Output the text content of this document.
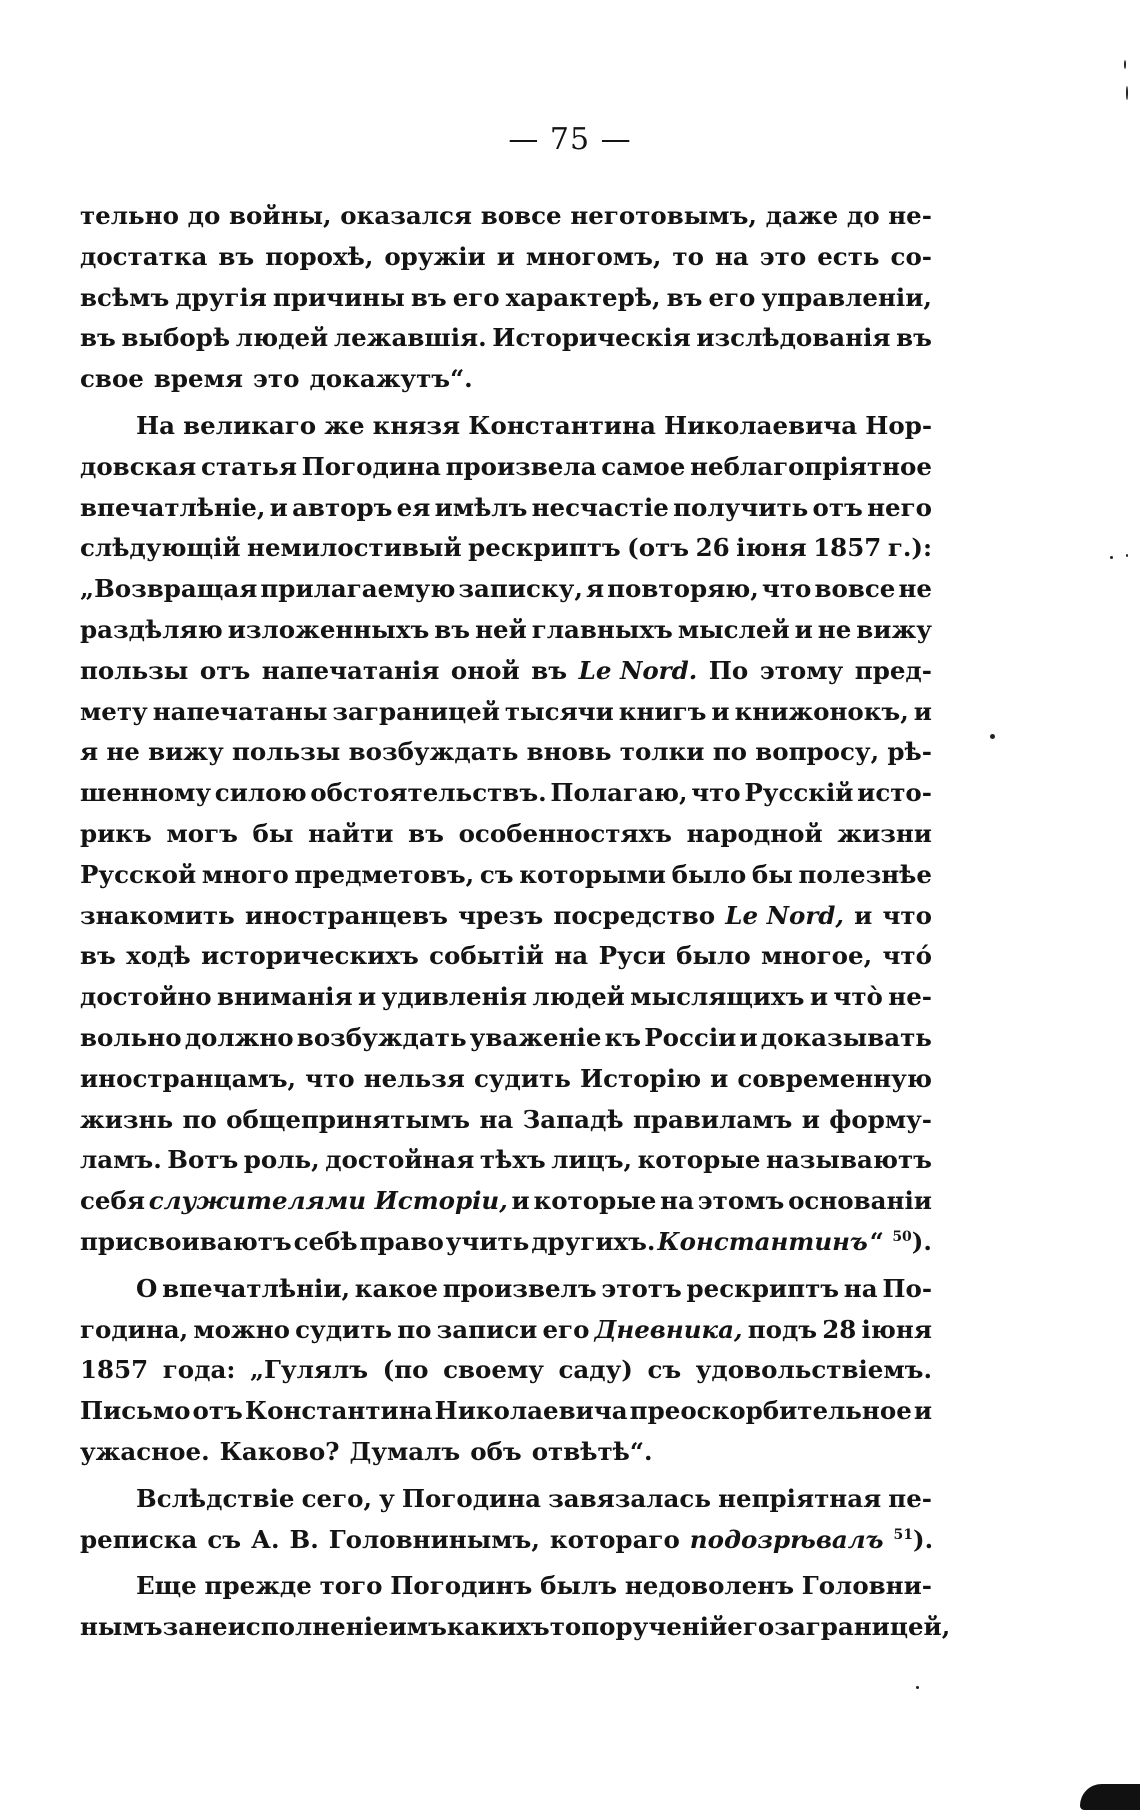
— 75 —
тельно до войны, оказался вовсе неготовымъ, даже до не-
достатка въ порохѣ, оружіи и многомъ, то на это есть со-
всѣмъ другія причины въ его характерѣ, въ его управленіи,
въ выборѣ людей лежавшія. Историческія изслѣдованія въ
свое время это докажутъ“.
На великаго же князя Константина Николаевича Нор-
довская статья Погодина произвела самое неблагопріятное
впечатлѣніе, и авторъ ея имѣлъ несчастіе получить отъ него
слѣдующій немилостивый рескриптъ (отъ 26 іюня 1857 г.):
„Возвращая прилагаемую записку, я повторяю, что вовсе не
раздѣляю изложенныхъ въ ней главныхъ мыслей и не вижу
пользы отъ напечатанія оной въ Le Nord. По этому пред-
мету напечатаны заграницей тысячи книгъ и книжонокъ, и
я не вижу пользы возбуждать вновь толки по вопросу, рѣ-
шенному силою обстоятельствъ. Полагаю, что Русскій исто-
рикъ могъ бы найти въ особенностяхъ народной жизни
Русской много предметовъ, съ которыми было бы полезнѣе
знакомить иностранцевъ чрезъ посредство Le Nord, и что
въ ходѣ историческихъ событій на Руси было многое, чтó
достойно вниманія и удивленія людей мыслящихъ и чтò не-
вольно должно возбуждать уваженіе къ Россіи и доказывать
иностранцамъ, что нельзя судить Исторію и современную
жизнь по общепринятымъ на Западѣ правиламъ и форму-
ламъ. Вотъ роль, достойная тѣхъ лицъ, которые называютъ
себя служителями Исторіи, и которые на этомъ основаніи
присвоиваютъ себѣ право учить другихъ. Константинъ “ $^{50}$).
О впечатлѣніи, какое произвелъ этотъ рескриптъ на По-
година, можно судить по записи его Дневника, подъ 28 іюня
1857 года: „Гулялъ (по своему саду) съ удовольствіемъ.
Письмо отъ Константина Николаевича преоскорбительное и
ужасное. Каково? Думалъ объ отвѣтѣ“.
Вслѣдствіе сего, у Погодина завязалась непріятная пе-
реписка съ А. В. Головнинымъ, котораго подозрѣвалъ $^{51}$).
Еще прежде того Погодинъ былъ недоволенъ Головни-
нымъ за неисполненіе имъ какихъ то порученій его за границей,
